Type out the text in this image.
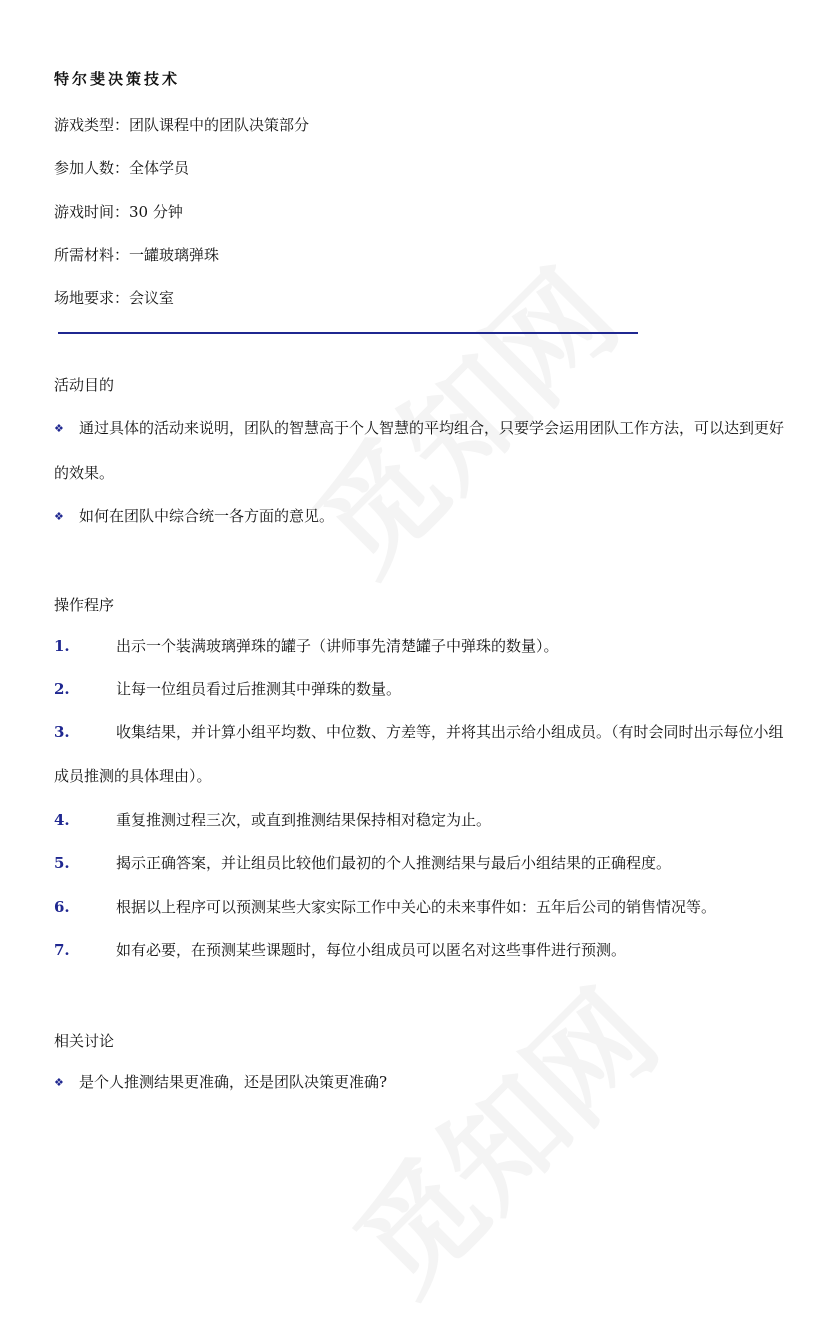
特尔斐决策技术
游戏类型：团队课程中的团队决策部分
参加人数：全体学员
游戏时间：30 分钟
所需材料：一罐玻璃弹珠
场地要求：会议室
活动目的
❖ 通过具体的活动来说明，团队的智慧高于个人智慧的平均组合，只要学会运用团队工作方法，可以达到更好的效果。
❖ 如何在团队中综合统一各方面的意见。
操作程序
1.	出示一个装满玻璃弹珠的罐子（讲师事先清楚罐子中弹珠的数量）。
2.	让每一位组员看过后推测其中弹珠的数量。
3.	收集结果，并计算小组平均数、中位数、方差等，并将其出示给小组成员。（有时会同时出示每位小组成员推测的具体理由）。
4.	重复推测过程三次，或直到推测结果保持相对稳定为止。
5.	揭示正确答案，并让组员比较他们最初的个人推测结果与最后小组结果的正确程度。
6.	根据以上程序可以预测某些大家实际工作中关心的未来事件如：五年后公司的销售情况等。
7.	如有必要，在预测某些课题时，每位小组成员可以匿名对这些事件进行预测。
相关讨论
❖ 是个人推测结果更准确，还是团队决策更准确?
